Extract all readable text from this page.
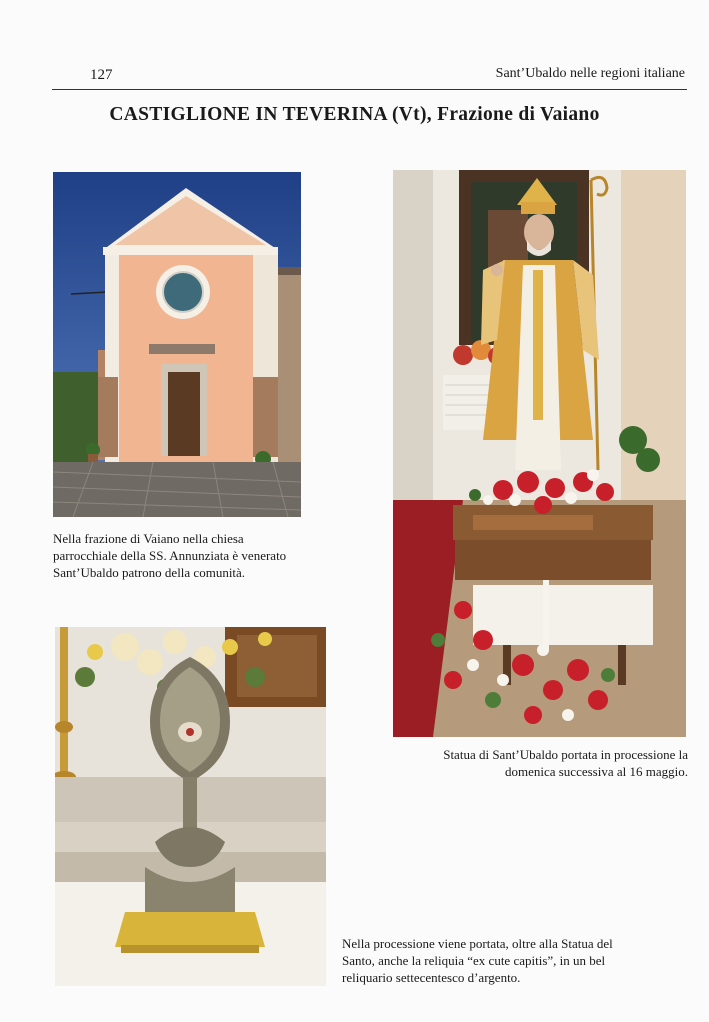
127	Sant’Ubaldo nelle regioni italiane
CASTIGLIONE IN TEVERINA (Vt), Frazione di Vaiano
Nella frazione di Vaiano nella chiesa parrocchiale della SS. Annunziata è venerato Sant’Ubaldo patrono della comunità.
Statua di Sant’Ubaldo portata in processione la domenica successiva al 16 maggio.
Nella processione viene portata, oltre alla Statua del Santo, anche la reliquia “ex cute capitis”, in un bel reliquario settecentesco d’argento.
